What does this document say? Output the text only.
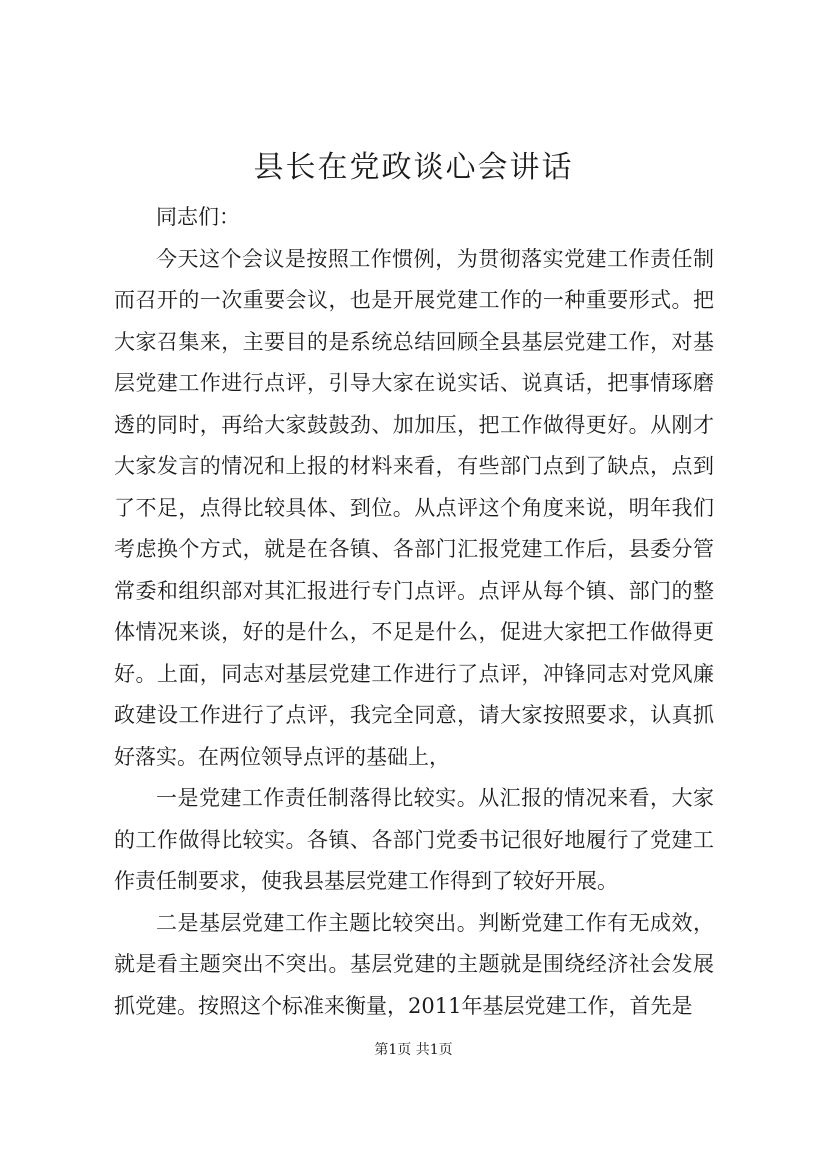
县长在党政谈心会讲话

同志们：

今天这个会议是按照工作惯例，为贯彻落实党建工作责任制而召开的一次重要会议，也是开展党建工作的一种重要形式。把大家召集来，主要目的是系统总结回顾全县基层党建工作，对基层党建工作进行点评，引导大家在说实话、说真话，把事情琢磨透的同时，再给大家鼓鼓劲、加加压，把工作做得更好。从刚才大家发言的情况和上报的材料来看，有些部门点到了缺点，点到了不足，点得比较具体、到位。从点评这个角度来说，明年我们考虑换个方式，就是在各镇、各部门汇报党建工作后，县委分管常委和组织部对其汇报进行专门点评。点评从每个镇、部门的整体情况来谈，好的是什么，不足是什么，促进大家把工作做得更好。上面，同志对基层党建工作进行了点评，冲锋同志对党风廉政建设工作进行了点评，我完全同意，请大家按照要求，认真抓好落实。在两位领导点评的基础上，

一是党建工作责任制落得比较实。从汇报的情况来看，大家的工作做得比较实。各镇、各部门党委书记很好地履行了党建工作责任制要求，使我县基层党建工作得到了较好开展。

二是基层党建工作主题比较突出。判断党建工作有无成效，就是看主题突出不突出。基层党建的主题就是围绕经济社会发展抓党建。按照这个标准来衡量，2011年基层党建工作，首先是

第1页 共1页
